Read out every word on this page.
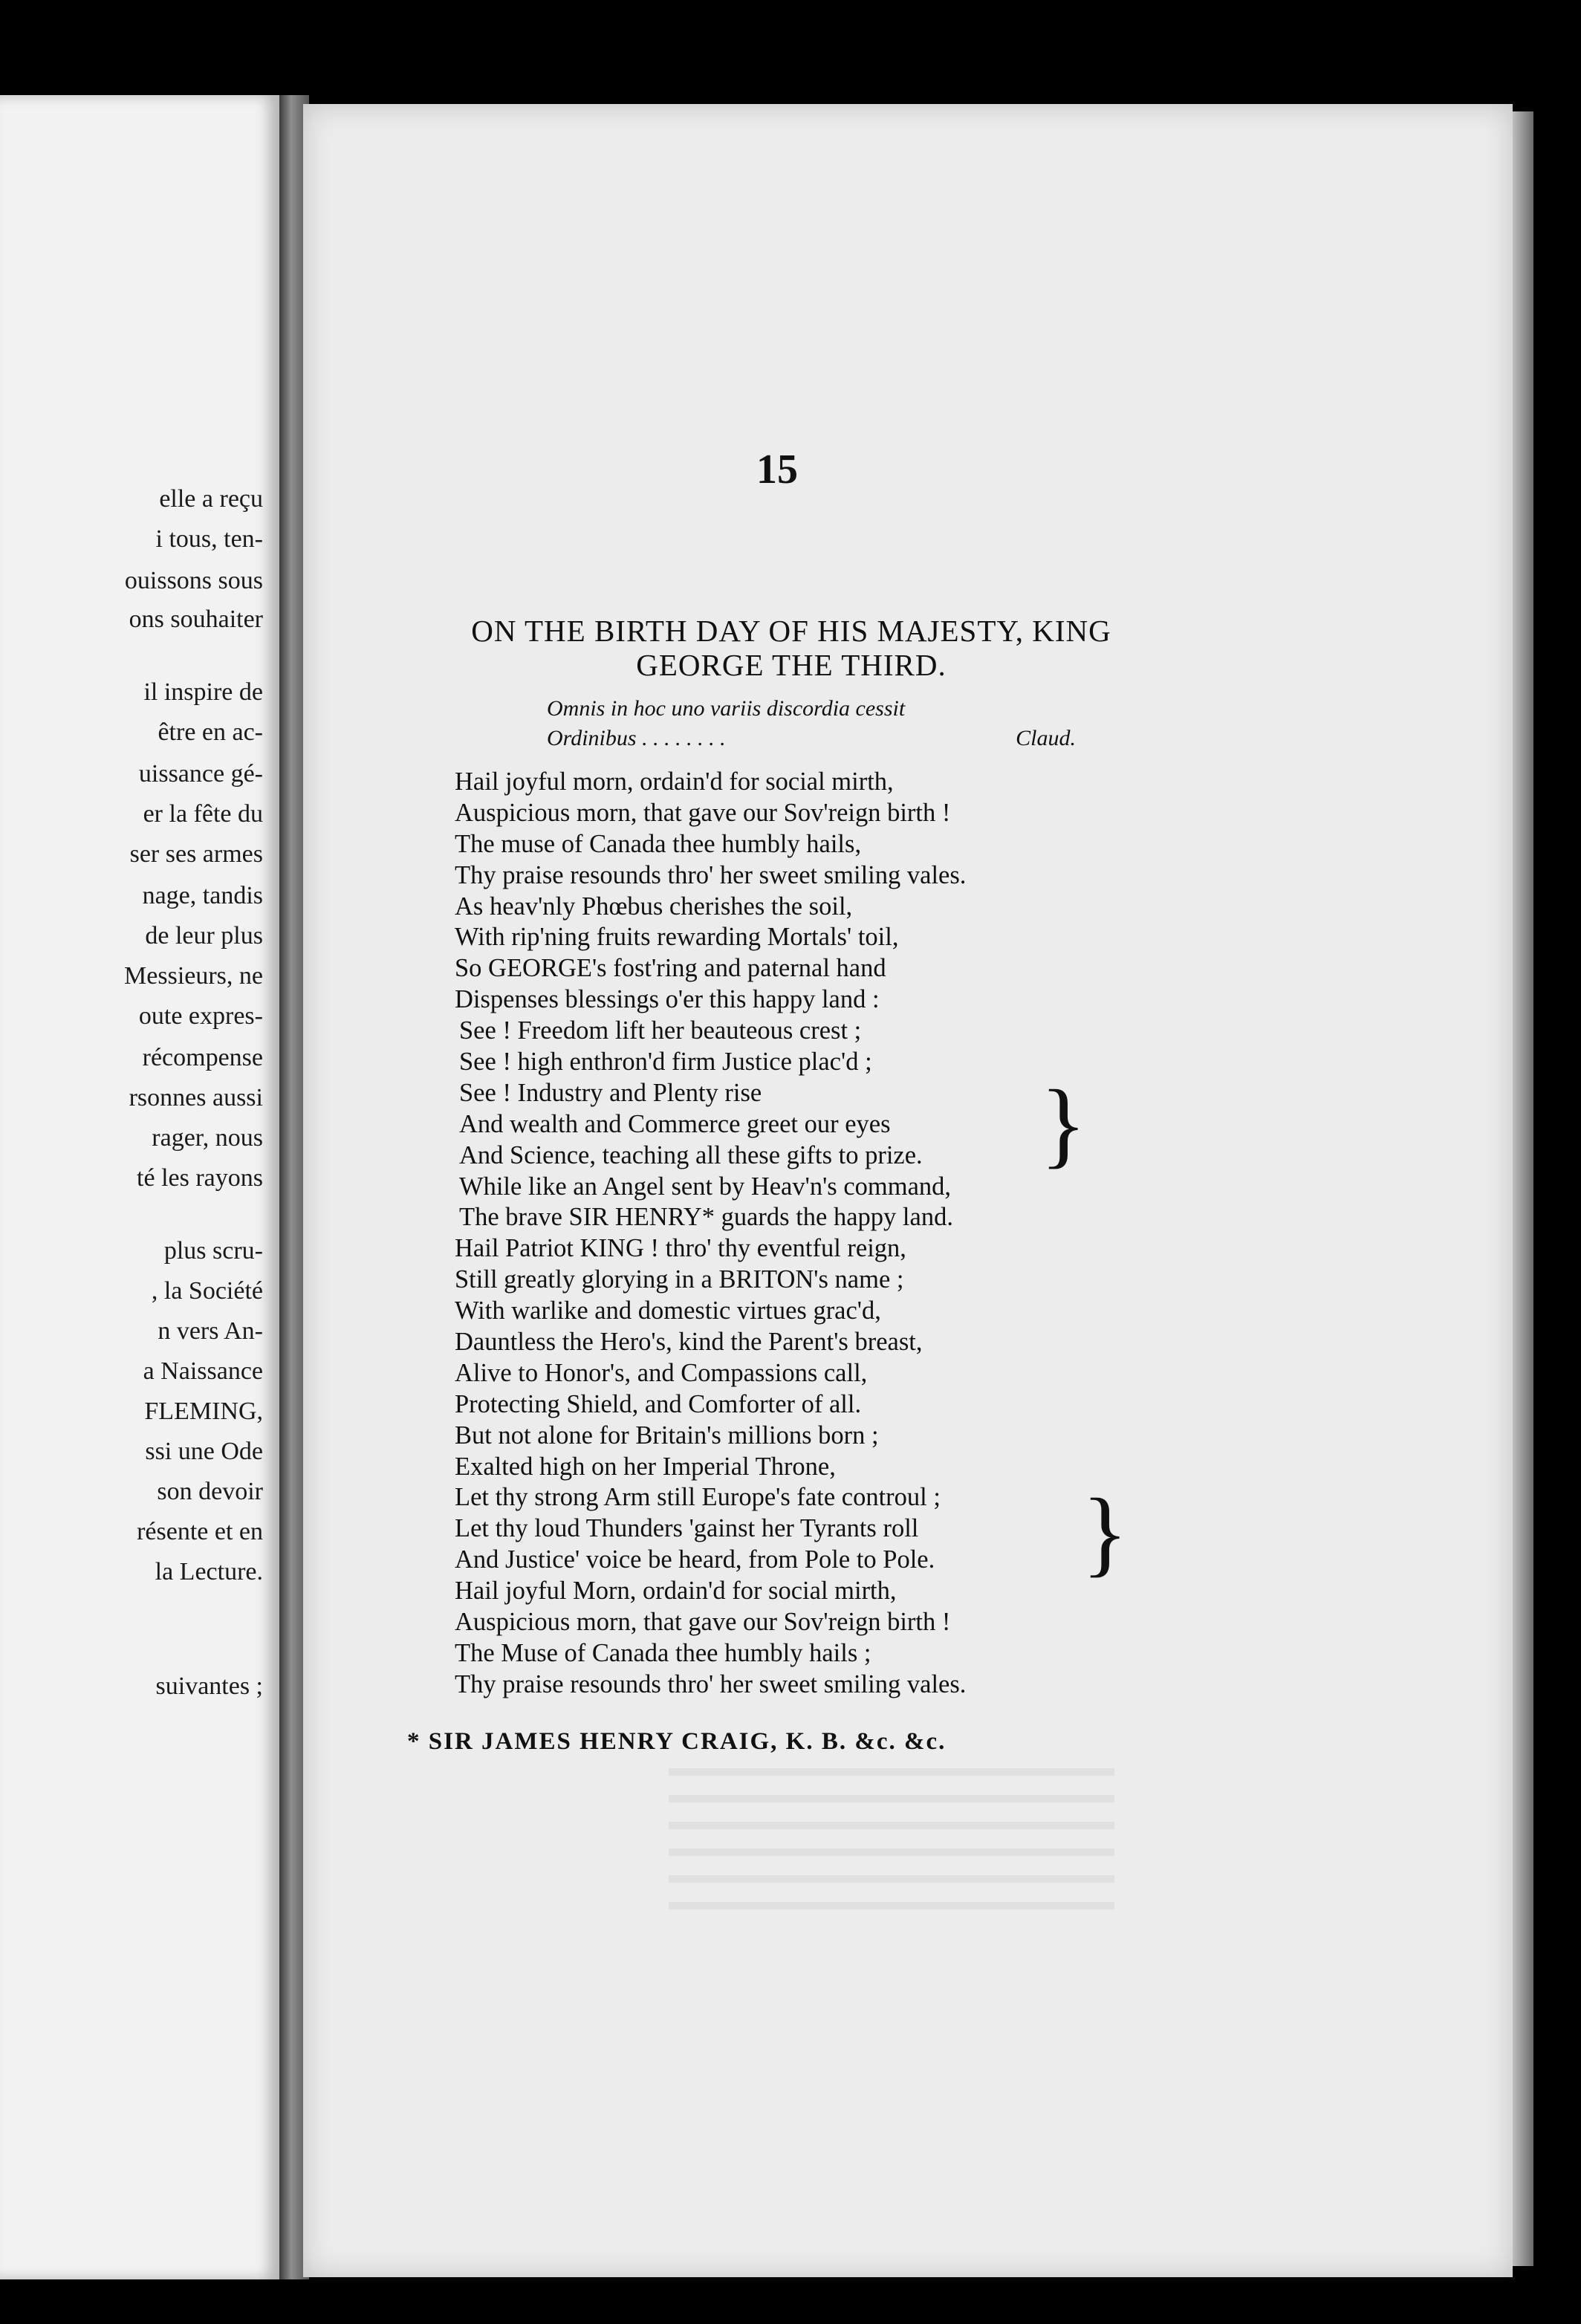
elle a reçu
i tous, ten-
ouissons sous
ons souhaiter
il inspire de
être en ac-
uissance gé-
er la fête du
ser ses armes
nage, tandis
de leur plus
Messieurs, ne
oute expres-
récompense
rsonnes aussi
rager, nous
té les rayons
plus scru-
, la Société
n vers An-
a Naissance
FLEMING,
ssi une Ode
son devoir
résente et en
la Lecture.
suivantes ;
15
ON THE BIRTH DAY OF HIS MAJESTY, KING
GEORGE THE THIRD.
Omnis in hoc uno variis discordia cessit
Ordinibus . . . . . . . .	Claud.
Hail joyful morn, ordain'd for social mirth,
Auspicious morn, that gave our Sov'reign birth !
The muse of Canada thee humbly hails,
Thy praise resounds thro' her sweet smiling vales.
As heav'nly Phœbus cherishes the soil,
With rip'ning fruits rewarding Mortals' toil,
So GEORGE's fost'ring and paternal hand
Dispenses blessings o'er this happy land :
See ! Freedom lift her beauteous crest ;
See ! high enthron'd firm Justice plac'd ;
See ! Industry and Plenty rise
And wealth and Commerce greet our eyes
And Science, teaching all these gifts to prize.
While like an Angel sent by Heav'n's command,
The brave SIR HENRY* guards the happy land.
Hail Patriot KING ! thro' thy eventful reign,
Still greatly glorying in a BRITON's name ;
With warlike and domestic virtues grac'd,
Dauntless the Hero's, kind the Parent's breast,
Alive to Honor's, and Compassions call,
Protecting Shield, and Comforter of all.
But not alone for Britain's millions born ;
Exalted high on her Imperial Throne,
Let thy strong Arm still Europe's fate controul ;
Let thy loud Thunders 'gainst her Tyrants roll
And Justice' voice be heard, from Pole to Pole.
Hail joyful Morn, ordain'd for social mirth,
Auspicious morn, that gave our Sov'reign birth !
The Muse of Canada thee humbly hails ;
Thy praise resounds thro' her sweet smiling vales.
}
}
* SIR JAMES HENRY CRAIG, K. B. &c. &c.
